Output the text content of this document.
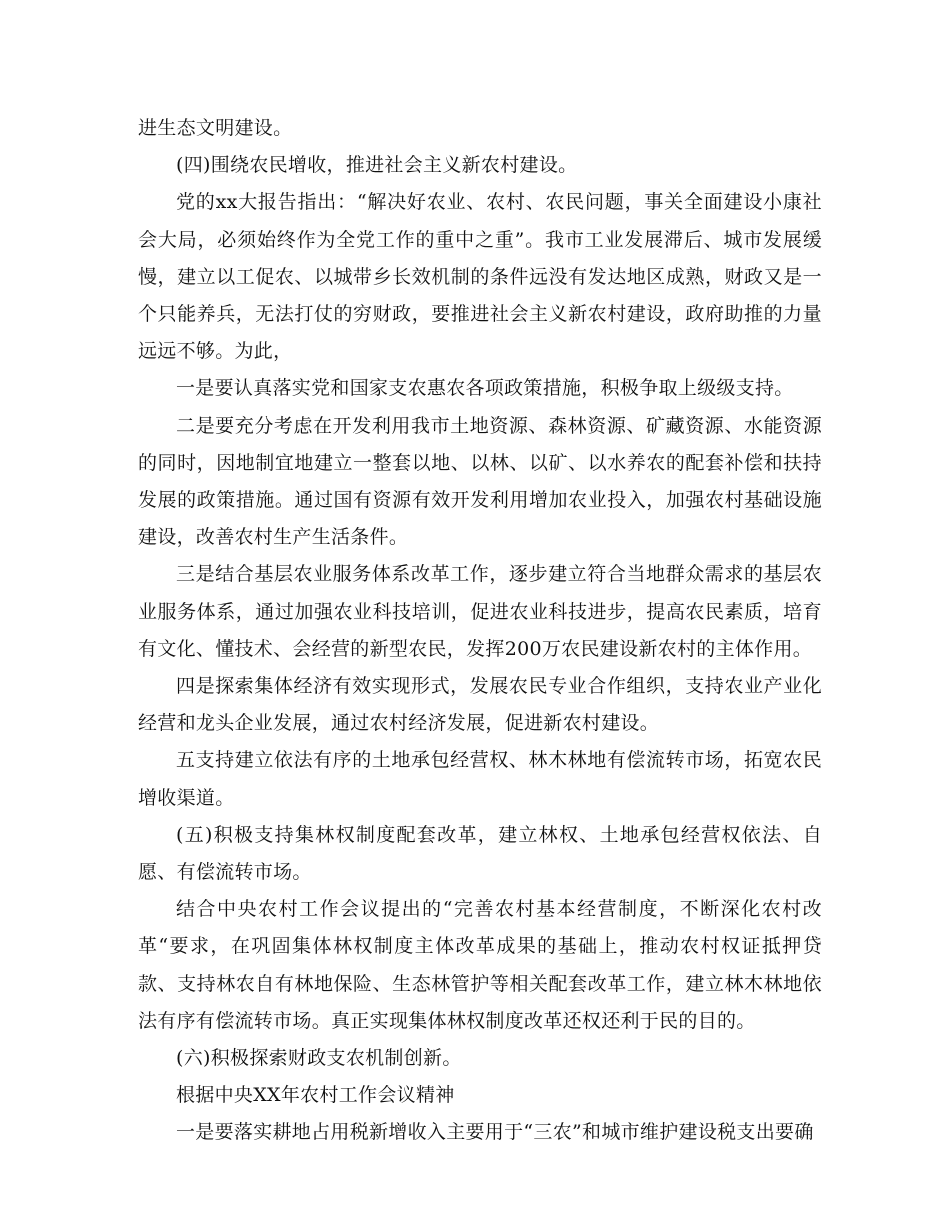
进生态文明建设。

(四)围绕农民增收，推进社会主义新农村建设。

党的xx大报告指出：“解决好农业、农村、农民问题，事关全面建设小康社会大局，必须始终作为全党工作的重中之重”。我市工业发展滞后、城市发展缓慢，建立以工促农、以城带乡长效机制的条件远没有发达地区成熟，财政又是一个只能养兵，无法打仗的穷财政，要推进社会主义新农村建设，政府助推的力量远远不够。为此，

一是要认真落实党和国家支农惠农各项政策措施，积极争取上级级支持。

二是要充分考虑在开发利用我市土地资源、森林资源、矿藏资源、水能资源的同时，因地制宜地建立一整套以地、以林、以矿、以水养农的配套补偿和扶持发展的政策措施。通过国有资源有效开发利用增加农业投入，加强农村基础设施建设，改善农村生产生活条件。

三是结合基层农业服务体系改革工作，逐步建立符合当地群众需求的基层农业服务体系，通过加强农业科技培训，促进农业科技进步，提高农民素质，培育有文化、懂技术、会经营的新型农民，发挥200万农民建设新农村的主体作用。

四是探索集体经济有效实现形式，发展农民专业合作组织，支持农业产业化经营和龙头企业发展，通过农村经济发展，促进新农村建设。

五支持建立依法有序的土地承包经营权、林木林地有偿流转市场，拓宽农民增收渠道。

(五)积极支持集林权制度配套改革，建立林权、土地承包经营权依法、自愿、有偿流转市场。

结合中央农村工作会议提出的“完善农村基本经营制度，不断深化农村改革“要求，在巩固集体林权制度主体改革成果的基础上，推动农村权证抵押贷款、支持林农自有林地保险、生态林管护等相关配套改革工作，建立林木林地依法有序有偿流转市场。真正实现集体林权制度改革还权还利于民的目的。

(六)积极探索财政支农机制创新。

根据中央XX年农村工作会议精神

一是要落实耕地占用税新增收入主要用于“三农”和城市维护建设税支出要确
